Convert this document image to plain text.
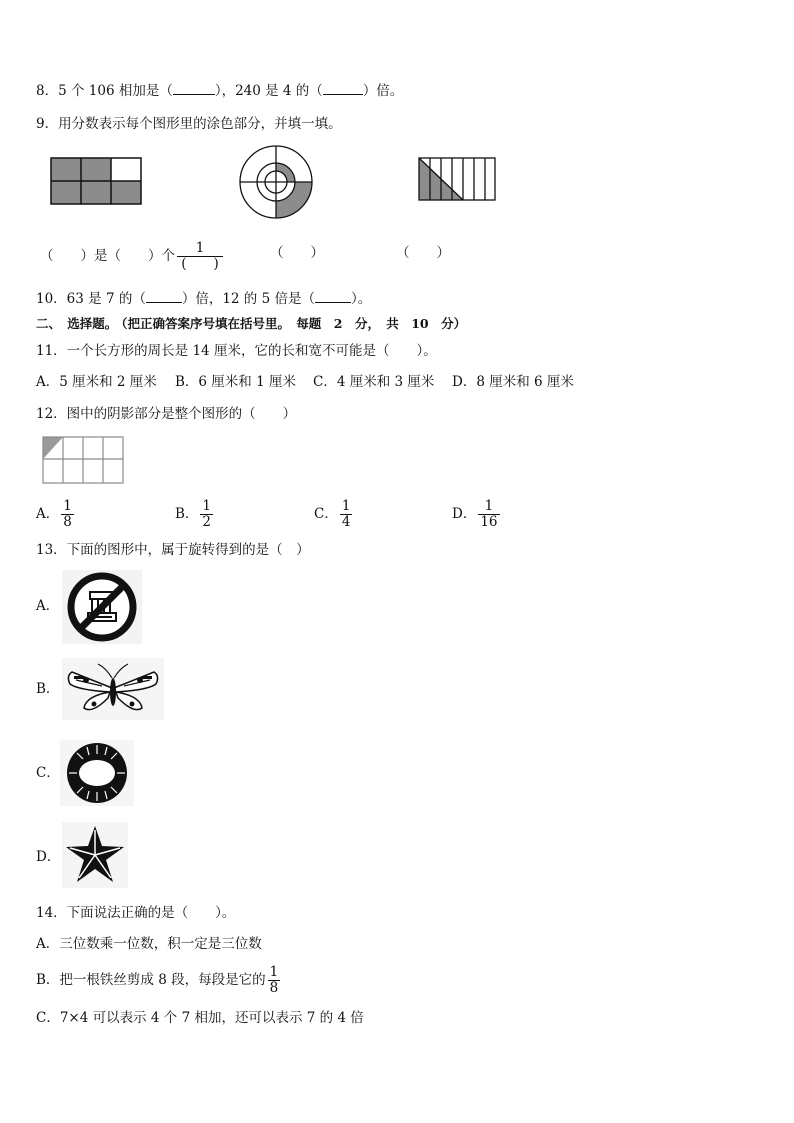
8．5 个 106 相加是（	），240 是 4 的（	）倍。
9．用分数表示每个图形里的涂色部分，并填一填。
（　　）是（　　）个 $\frac{1}{( )}$	（　　）	（　　）
10．63 是 7 的（	）倍，12 的 5 倍是（	）。
二、　选择题。 （把正确答案序号填在括号里。　每题　2　分，　共　10　分）
11．一个长方形的周长是 14 厘米，它的长和宽不可能是（　　）。
A．5 厘米和 2 厘米 B．6 厘米和 1 厘米 C．4 厘米和 3 厘米 D．8 厘米和 6 厘米
12．图中的阴影部分是整个图形的（　　）
A． $\frac{1}{8}$	B． $\frac{1}{2}$	C． $\frac{1}{4}$	D． $\frac{1}{16}$
13．下面的图形中，属于旋转得到的是（　）
A．
B．
C．
D．
14．下面说法正确的是（　　）。
A．三位数乘一位数，积一定是三位数
B．把一根铁丝剪成 8 段，每段是它的 $\frac{1}{8}$
C．7×4 可以表示 4 个 7 相加，还可以表示 7 的 4 倍
